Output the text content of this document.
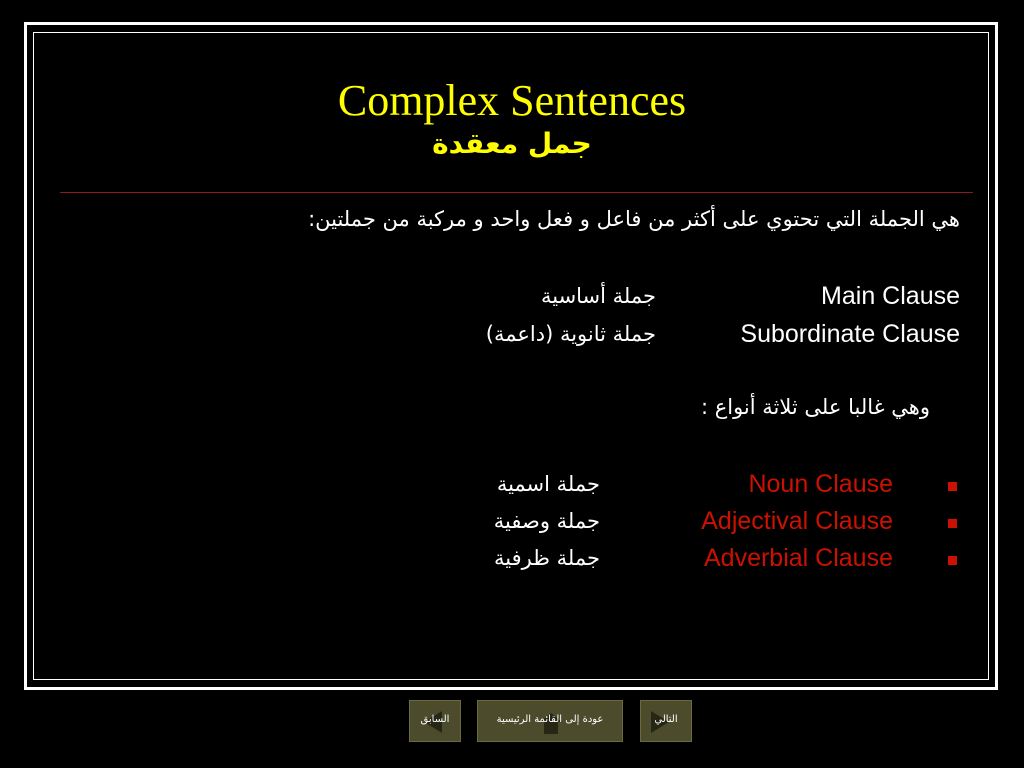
Complex Sentences
جمل معقدة
هي الجملة التي تحتوي على أكثر من فاعل و فعل واحد و مركبة من جملتين:
Main Clause
جملة أساسية
Subordinate Clause
جملة ثانوية (داعمة)
وهي غالبا على ثلاثة أنواع :
Noun Clause
جملة اسمية
Adjectival Clause
جملة وصفية
Adverbial Clause
جملة ظرفية
السابق	عودة إلى القائمة الرئيسية	التالي
